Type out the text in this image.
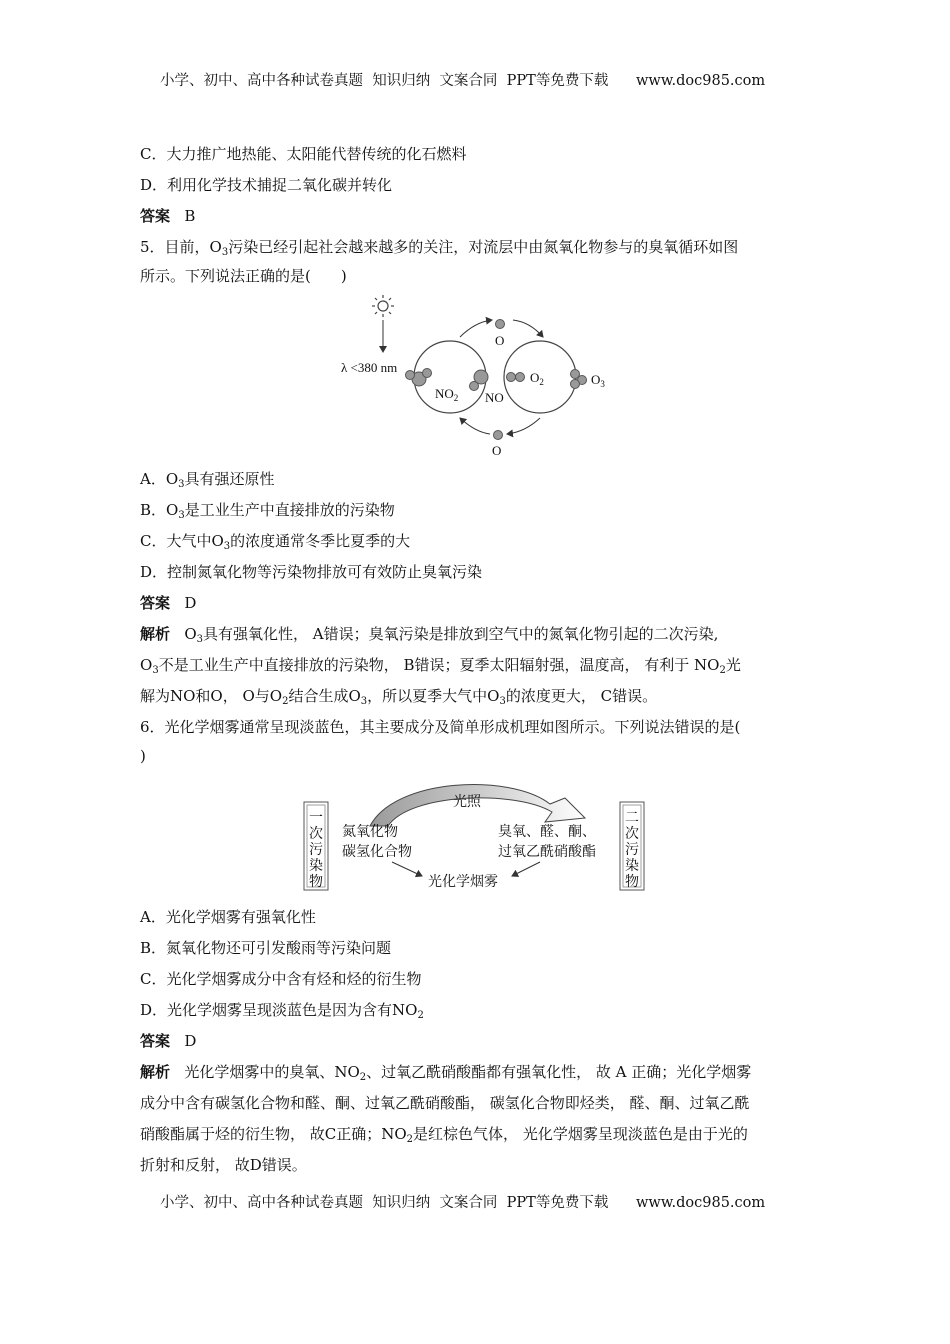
小学、初中、高中各种试卷真题  知识归纳  文案合同  PPT等免费下载      www.doc985.com
C．大力推广地热能、太阳能代替传统的化石燃料
D．利用化学技术捕捉二氧化碳并转化
答案 B
5．目前，$O_3$污染已经引起社会越来越多的关注，对流层中由氮氧化物参与的臭氧循环如图
所示。下列说法正确的是(　　)
λ <380 nm
O
O
$NO_2$ NO
$O_2$	$O_3$
A．$O_3$具有强还原性
B．$O_3$是工业生产中直接排放的污染物
C．大气中$O_3$的浓度通常冬季比夏季的大
D．控制氮氧化物等污染物排放可有效防止臭氧污染
答案 D
解析 $O_3$具有强氧化性， A错误；臭氧污染是排放到空气中的氮氧化物引起的二次污染,
$O_3$不是工业生产中直接排放的污染物， B错误；夏季太阳辐射强，温度高， 有利于 $NO_2$光
解为NO和O， O与$O_2$结合生成$O_3$，所以夏季大气中$O_3$的浓度更大， C错误。
6．光化学烟雾通常呈现淡蓝色，其主要成分及简单形成机理如图所示。下列说法错误的是(
)
一
次
污
染
物
二
次
污
染
物
光照
氮氧化物
碳氢化合物
臭氧、醛、酮、
过氧乙酰硝酸酯
光化学烟雾
A．光化学烟雾有强氧化性
B．氮氧化物还可引发酸雨等污染问题
C．光化学烟雾成分中含有烃和烃的衍生物
D．光化学烟雾呈现淡蓝色是因为含有$NO_2$
答案 D
解析 光化学烟雾中的臭氧、$NO_2$、过氧乙酰硝酸酯都有强氧化性， 故 A 正确；光化学烟雾
成分中含有碳氢化合物和醛、酮、过氧乙酰硝酸酯， 碳氢化合物即烃类， 醛、酮、过氧乙酰
硝酸酯属于烃的衍生物， 故C正确；$NO_2$是红棕色气体， 光化学烟雾呈现淡蓝色是由于光的
折射和反射， 故D错误。
小学、初中、高中各种试卷真题  知识归纳  文案合同  PPT等免费下载      www.doc985.com
